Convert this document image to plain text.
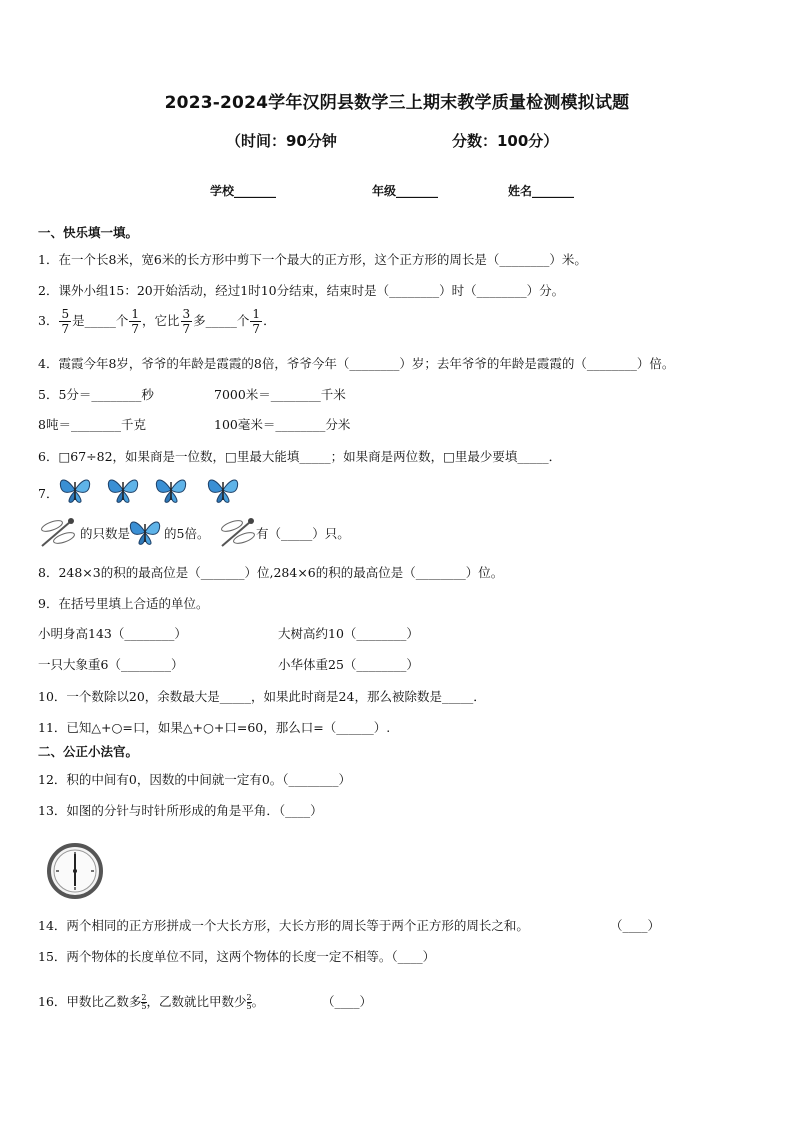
2023-2024学年汉阴县数学三上期末教学质量检测模拟试题
（时间：90分钟	分数：100分）
学校_______	年级_______	姓名_______
一、快乐填一填。
1．在一个长8米，宽6米的长方形中剪下一个最大的正方形，这个正方形的周长是（________）米。
2．课外小组15：20开始活动，经过1时10分结束，结束时是（________）时（________）分。
3． $\frac{5}{7}$ 是_____个 $\frac{1}{7}$ ，它比 $\frac{3}{7}$ 多_____个 $\frac{1}{7}$ ．
4．霞霞今年8岁，爷爷的年龄是霞霞的8倍，爷爷今年（________）岁；去年爷爷的年龄是霞霞的（________）倍。
5．5分＝________秒	7000米＝________千米
8吨＝________千克	100毫米＝________分米
6．□67÷82，如果商是一位数，□里最大能填_____；如果商是两位数，□里最少要填_____．
7．
的只数是	的5倍。	有（_____）只。
8．248×3的积的最高位是（_______）位,284×6的积的最高位是（________）位。
9．在括号里填上合适的单位。
小明身高143（________）	大树高约10（________）
一只大象重6（________）	小华体重25（________）
10．一个数除以20，余数最大是_____，如果此时商是24，那么被除数是_____．
11．已知△+○=口，如果△+○+口=60，那么口=（______）.
二、公正小法官。
12．积的中间有0，因数的中间就一定有0。（________）
13．如图的分针与时针所形成的角是平角．（____）
14．两个相同的正方形拼成一个大长方形，大长方形的周长等于两个正方形的周长之和。	（____）
15．两个物体的长度单位不同，这两个物体的长度一定不相等。（____）
16．甲数比乙数多 $\frac{2}{5}$ ，乙数就比甲数少 $\frac{2}{5}$ 。	（____）
